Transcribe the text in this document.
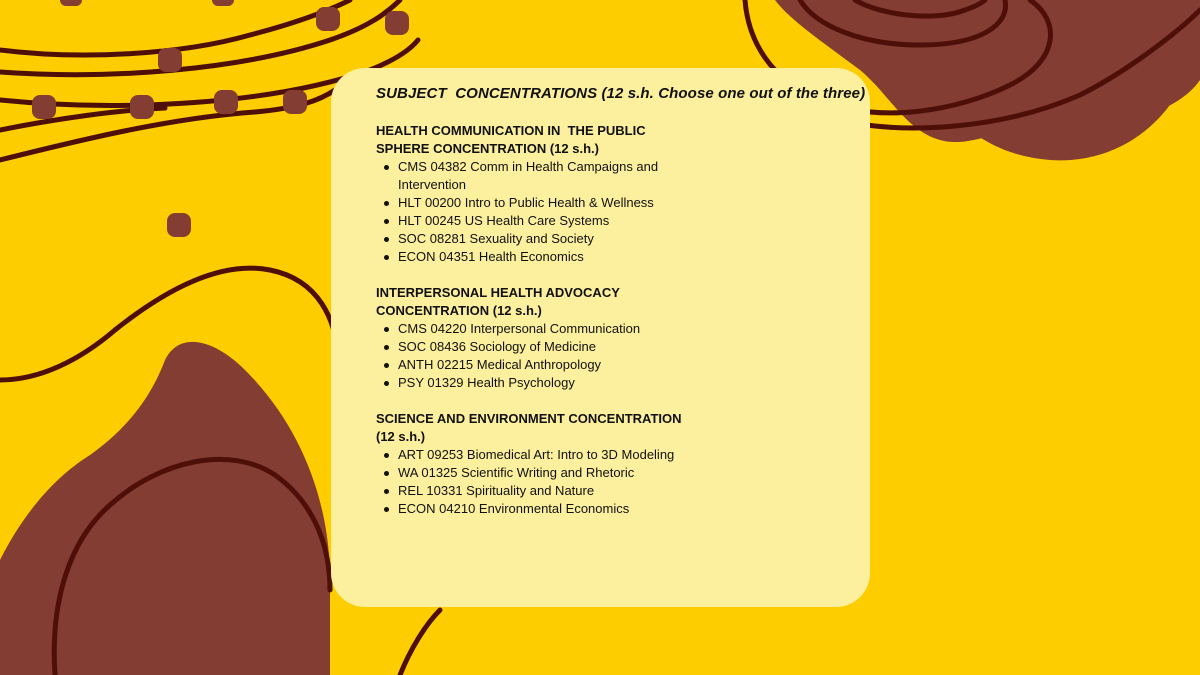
SUBJECT  CONCENTRATIONS (12 s.h. Choose one out of the three)

HEALTH COMMUNICATION IN  THE PUBLIC SPHERE CONCENTRATION (12 s.h.)

CMS 04382 Comm in Health Campaigns and Intervention
HLT 00200 Intro to Public Health & Wellness
HLT 00245 US Health Care Systems
SOC 08281 Sexuality and Society
ECON 04351 Health Economics

INTERPERSONAL HEALTH ADVOCACY CONCENTRATION (12 s.h.)

CMS 04220 Interpersonal Communication
SOC 08436 Sociology of Medicine
ANTH 02215 Medical Anthropology
PSY 01329 Health Psychology

SCIENCE AND ENVIRONMENT CONCENTRATION (12 s.h.)

ART 09253 Biomedical Art: Intro to 3D Modeling
WA 01325 Scientific Writing and Rhetoric
REL 10331 Spirituality and Nature
ECON 04210 Environmental Economics
